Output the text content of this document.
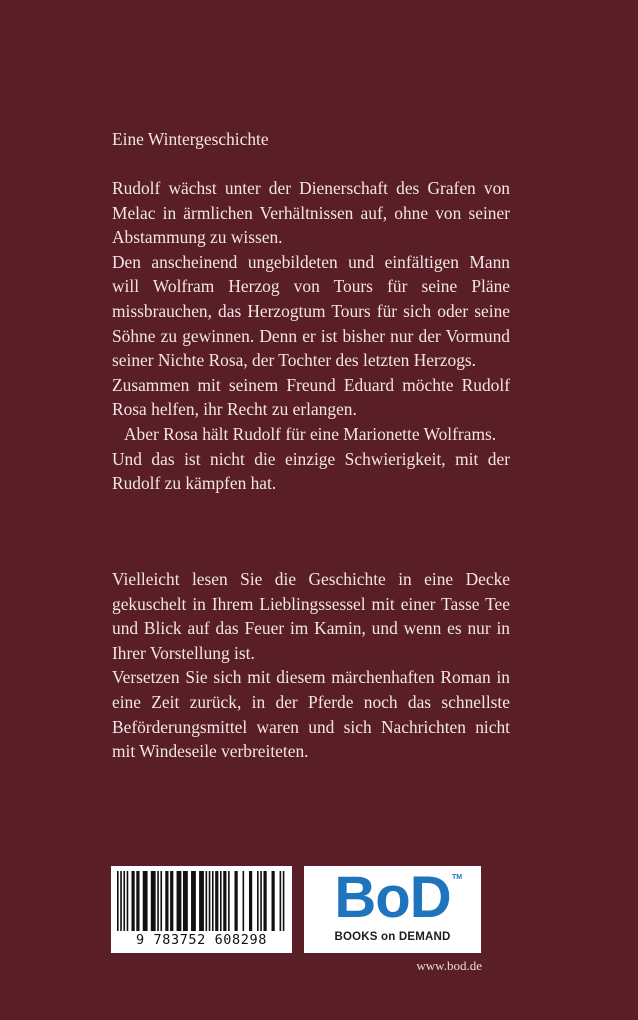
Eine Wintergeschichte

Rudolf wächst unter der Dienerschaft des Grafen von Melac in ärmlichen Verhältnissen auf, ohne von seiner Abstammung zu wissen.

Den anscheinend ungebildeten und einfältigen Mann will Wolfram Herzog von Tours für seine Pläne missbrauchen, das Herzogtum Tours für sich oder seine Söhne zu gewinnen. Denn er ist bisher nur der Vormund seiner Nichte Rosa, der Tochter des letzten Herzogs.

Zusammen mit seinem Freund Eduard möchte Rudolf Rosa helfen, ihr Recht zu erlangen.

Aber Rosa hält Rudolf für eine Marionette Wolframs.

Und das ist nicht die einzige Schwierigkeit, mit der Rudolf zu kämpfen hat.

Vielleicht lesen Sie die Geschichte in eine Decke gekuschelt in Ihrem Lieblingssessel mit einer Tasse Tee und Blick auf das Feuer im Kamin, und wenn es nur in Ihrer Vorstellung ist.

Versetzen Sie sich mit diesem märchenhaften Roman in eine Zeit zurück, in der Pferde noch das schnellste Beförderungsmittel waren und sich Nachrichten nicht mit Windeseile verbreiteten.

9 783752 608298
BoD TM
BOOKS on DEMAND
www.bod.de
